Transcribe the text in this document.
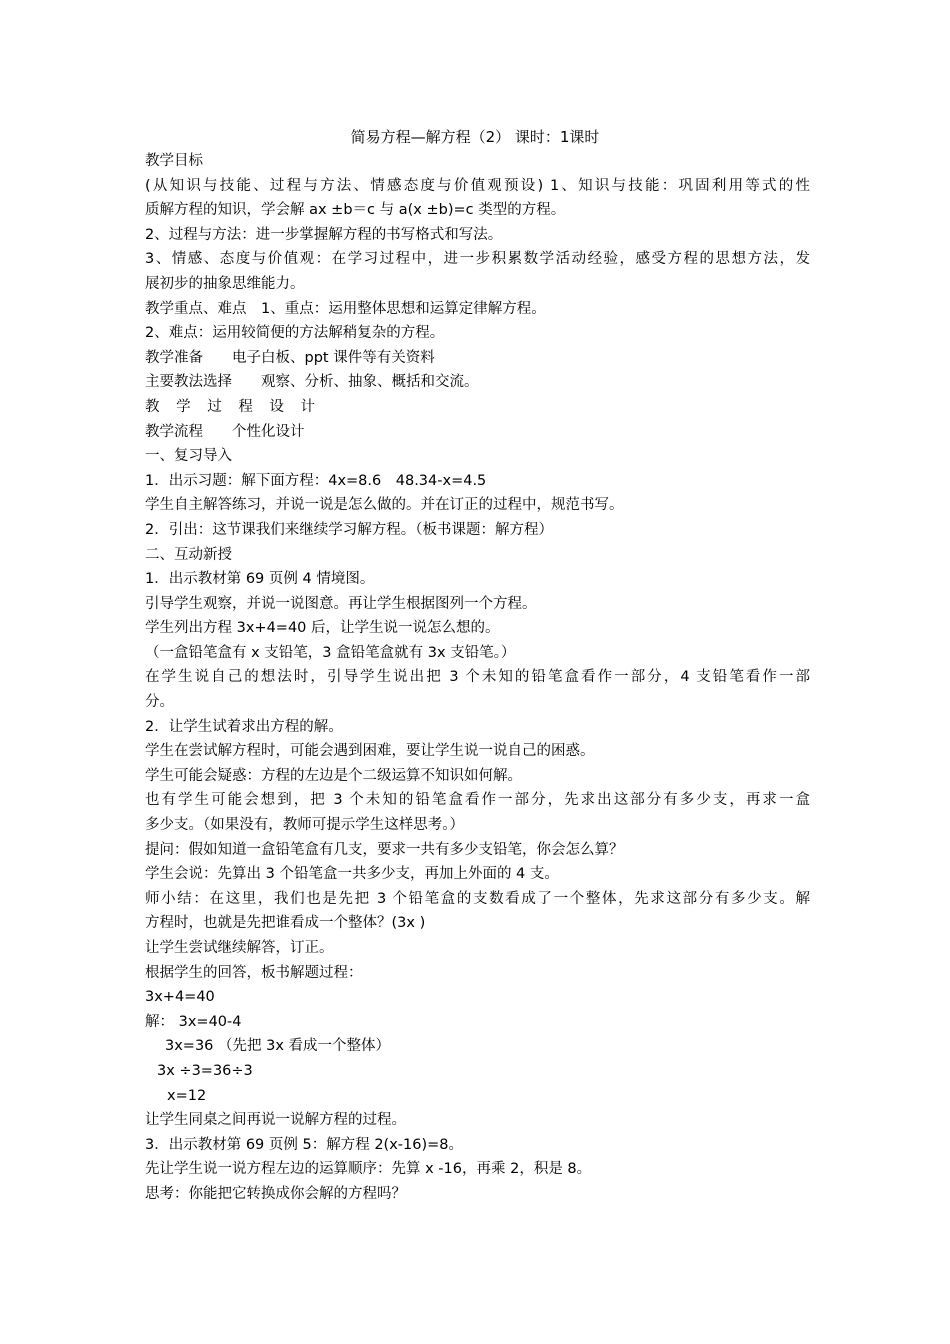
简易方程—解方程（2） 课时：1课时
教学目标
(从知识与技能、过程与方法、情感态度与价值观预设) 1、知识与技能：巩固利用等式的性
质解方程的知识，学会解 ax ±b＝c 与 a(x ±b)=c 类型的方程。
2、过程与方法：进一步掌握解方程的书写格式和写法。
3、情感、态度与价值观：在学习过程中，进一步积累数学活动经验，感受方程的思想方法，发
展初步的抽象思维能力。
教学重点、难点　1、重点：运用整体思想和运算定律解方程。
2、难点：运用较简便的方法解稍复杂的方程。
教学准备　　电子白板、ppt 课件等有关资料
主要教法选择　　观察、分析、抽象、概括和交流。
教 学 过 程 设 计
教学流程　　个性化设计
一、复习导入
1．出示习题：解下面方程：4x=8.6　48.34-x=4.5
学生自主解答练习，并说一说是怎么做的。并在订正的过程中，规范书写。
2．引出：这节课我们来继续学习解方程。（板书课题：解方程）
二、互动新授
1．出示教材第 69 页例 4 情境图。
引导学生观察，并说一说图意。再让学生根据图列一个方程。
学生列出方程 3x+4=40 后，让学生说一说怎么想的。
（一盒铅笔盒有 x 支铅笔，3 盒铅笔盒就有 3x 支铅笔。）
在学生说自己的想法时，引导学生说出把 3 个未知的铅笔盒看作一部分，4 支铅笔看作一部
分。
2．让学生试着求出方程的解。
学生在尝试解方程时，可能会遇到困难，要让学生说一说自己的困惑。
学生可能会疑惑：方程的左边是个二级运算不知识如何解。
也有学生可能会想到，把 3 个未知的铅笔盒看作一部分，先求出这部分有多少支，再求一盒
多少支。（如果没有，教师可提示学生这样思考。）
提问：假如知道一盒铅笔盒有几支，要求一共有多少支铅笔，你会怎么算？
学生会说：先算出 3 个铅笔盒一共多少支，再加上外面的 4 支。
师小结：在这里，我们也是先把 3 个铅笔盒的支数看成了一个整体，先求这部分有多少支。解
方程时，也就是先把谁看成一个整体？(3x )
让学生尝试继续解答，订正。
根据学生的回答，板书解题过程：
3x+4=40
解： 3x=40-4
3x=36 （先把 3x 看成一个整体）
3x ÷3=36÷3
x=12
让学生同桌之间再说一说解方程的过程。
3．出示教材第 69 页例 5：解方程 2(x-16)=8。
先让学生说一说方程左边的运算顺序：先算 x -16，再乘 2，积是 8。
思考：你能把它转换成你会解的方程吗？
